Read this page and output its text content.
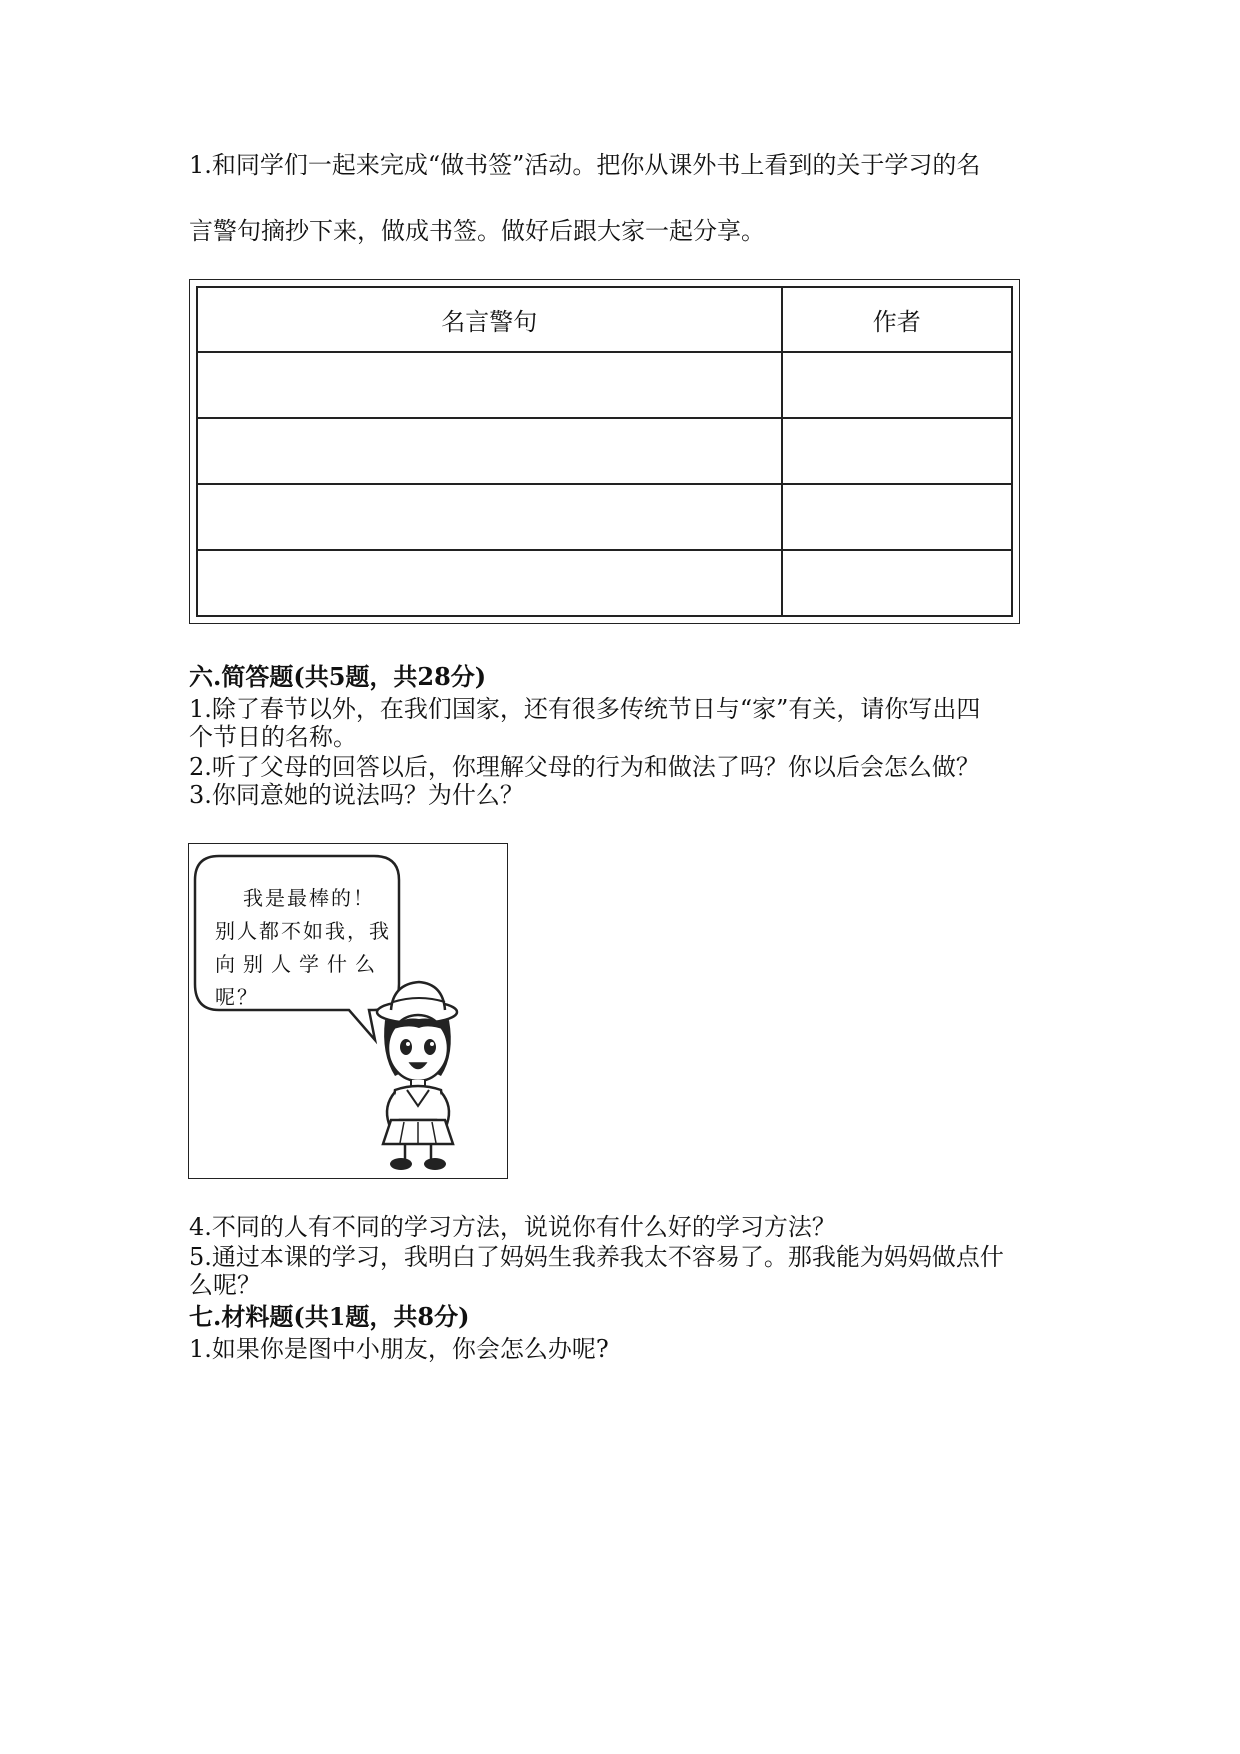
1.和同学们一起来完成“做书签”活动。把你从课外书上看到的关于学习的名
言警句摘抄下来，做成书签。做好后跟大家一起分享。
名言警句	作者

六.简答题(共5题，共28分)
1.除了春节以外，在我们国家，还有很多传统节日与“家”有关，请你写出四
个节日的名称。
2.听了父母的回答以后，你理解父母的行为和做法了吗？你以后会怎么做？
3.你同意她的说法吗？为什么？
我是最棒的！
别人都不如我，我
向别人学什么
呢？
4.不同的人有不同的学习方法，说说你有什么好的学习方法？
5.通过本课的学习，我明白了妈妈生我养我太不容易了。那我能为妈妈做点什
么呢？
七.材料题(共1题，共8分)
1.如果你是图中小朋友，你会怎么办呢?
